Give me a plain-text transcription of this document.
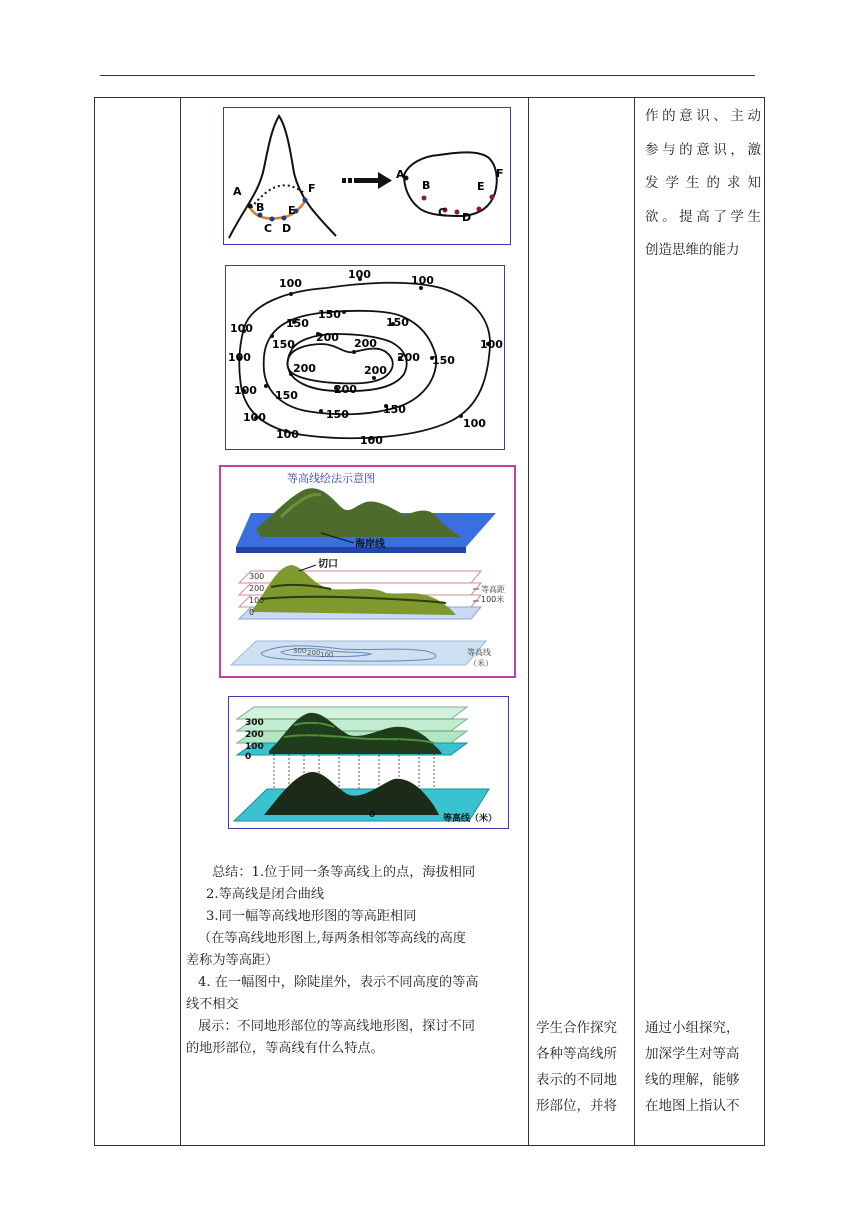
A
B
C D
E
F
A
B
C D
E
F
100
100	100
100
100
100
100
100
100	100
100
150
150	150
150
150
150
150	150
200 200
200
200	200
200
等高线绘法示意图
海岸线
切口
300
200
100
0
等高距
100米
300 200 100	等高线
（米）
300
200
100
0
0	等高线（米）
总结：1.位于同一条等高线上的点，海拔相同
2.等高线是闭合曲线
3.同一幅等高线地形图的等高距相同
（在等高线地形图上,每两条相邻等高线的高度
差称为等高距）
4. 在一幅图中，除陡崖外，表示不同高度的等高
线不相交
展示：不同地形部位的等高线地形图，探讨不同
的地形部位，等高线有什么特点。
学生合作探究
各种等高线所
表示的不同地
形部位，并将
作的意识、主动
参与的意识，激
发学生的求知
欲。提高了学生
创造思维的能力
通过小组探究，
加深学生对等高
线的理解，能够
在地图上指认不
